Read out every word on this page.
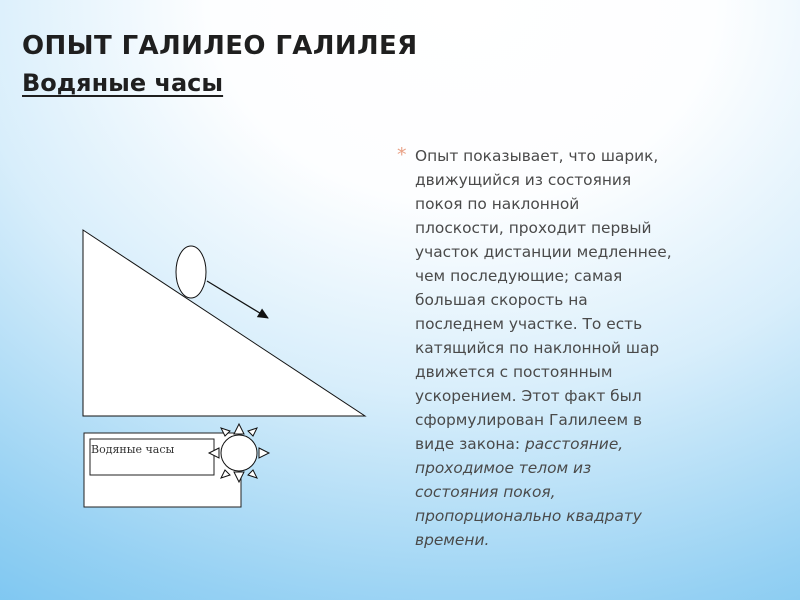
ОПЫТ ГАЛИЛЕО ГАЛИЛЕЯ
Водяные часы
Водяные часы
* Опыт показывает, что шарик,
движущийся из состояния
покоя по наклонной
плоскости, проходит первый
участок дистанции медленнее,
чем последующие; самая
большая скорость на
последнем участке. То есть
катящийся по наклонной шар
движется с постоянным
ускорением. Этот факт был
сформулирован Галилеем в
виде закона: расстояние,
проходимое телом из
состояния покоя,
пропорционально квадрату
времени.
